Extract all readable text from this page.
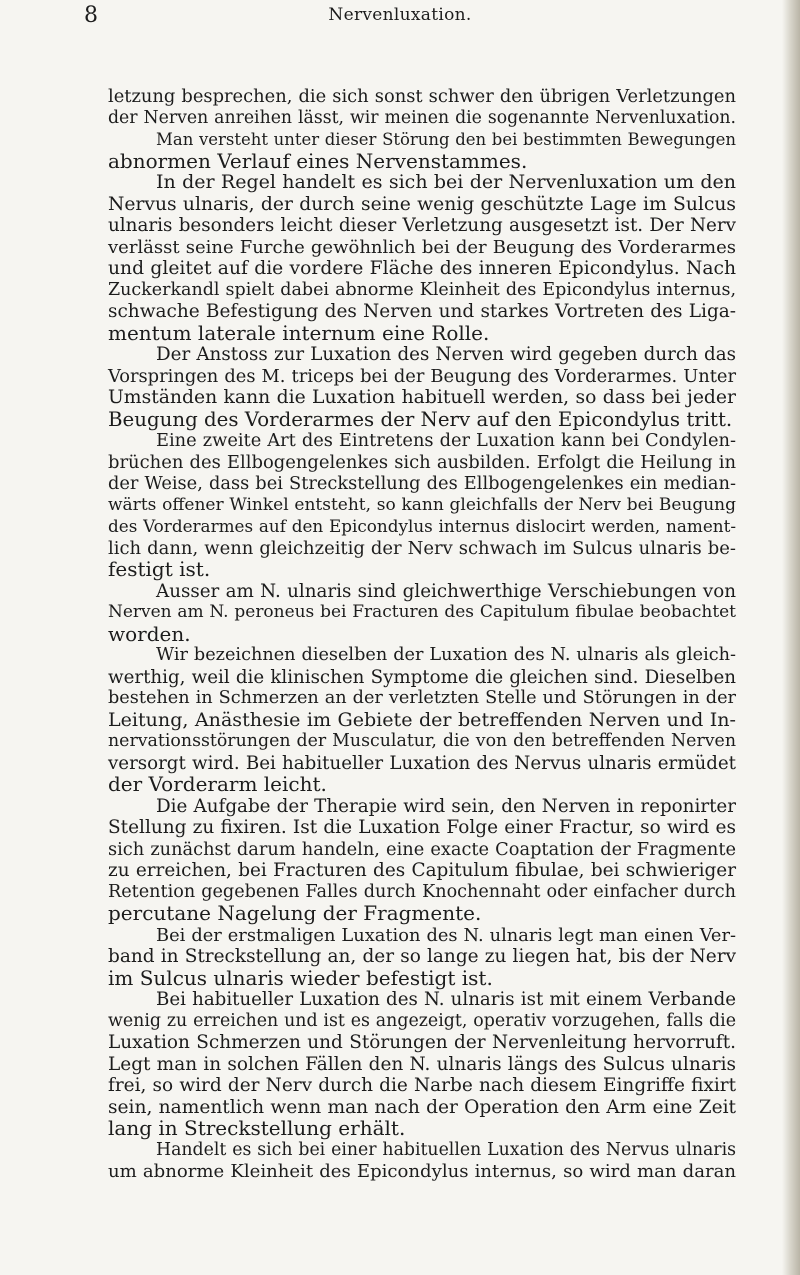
8	Nervenluxation.
letzung besprechen, die sich sonst schwer den übrigen Verletzungen
der Nerven anreihen lässt, wir meinen die sogenannte Nervenluxation.
Man versteht unter dieser Störung den bei bestimmten Bewegungen
abnormen Verlauf eines Nervenstammes.
In der Regel handelt es sich bei der Nervenluxation um den
Nervus ulnaris, der durch seine wenig geschützte Lage im Sulcus
ulnaris besonders leicht dieser Verletzung ausgesetzt ist. Der Nerv
verlässt seine Furche gewöhnlich bei der Beugung des Vorderarmes
und gleitet auf die vordere Fläche des inneren Epicondylus. Nach
Zuckerkandl spielt dabei abnorme Kleinheit des Epicondylus internus,
schwache Befestigung des Nerven und starkes Vortreten des Liga-
mentum laterale internum eine Rolle.
Der Anstoss zur Luxation des Nerven wird gegeben durch das
Vorspringen des M. triceps bei der Beugung des Vorderarmes. Unter
Umständen kann die Luxation habituell werden, so dass bei jeder
Beugung des Vorderarmes der Nerv auf den Epicondylus tritt.
Eine zweite Art des Eintretens der Luxation kann bei Condylen-
brüchen des Ellbogengelenkes sich ausbilden. Erfolgt die Heilung in
der Weise, dass bei Streckstellung des Ellbogengelenkes ein median-
wärts offener Winkel entsteht, so kann gleichfalls der Nerv bei Beugung
des Vorderarmes auf den Epicondylus internus dislocirt werden, nament-
lich dann, wenn gleichzeitig der Nerv schwach im Sulcus ulnaris be-
festigt ist.
Ausser am N. ulnaris sind gleichwerthige Verschiebungen von
Nerven am N. peroneus bei Fracturen des Capitulum fibulae beobachtet
worden.
Wir bezeichnen dieselben der Luxation des N. ulnaris als gleich-
werthig, weil die klinischen Symptome die gleichen sind. Dieselben
bestehen in Schmerzen an der verletzten Stelle und Störungen in der
Leitung, Anästhesie im Gebiete der betreffenden Nerven und In-
nervationsstörungen der Musculatur, die von den betreffenden Nerven
versorgt wird. Bei habitueller Luxation des Nervus ulnaris ermüdet
der Vorderarm leicht.
Die Aufgabe der Therapie wird sein, den Nerven in reponirter
Stellung zu fixiren. Ist die Luxation Folge einer Fractur, so wird es
sich zunächst darum handeln, eine exacte Coaptation der Fragmente
zu erreichen, bei Fracturen des Capitulum fibulae, bei schwieriger
Retention gegebenen Falles durch Knochennaht oder einfacher durch
percutane Nagelung der Fragmente.
Bei der erstmaligen Luxation des N. ulnaris legt man einen Ver-
band in Streckstellung an, der so lange zu liegen hat, bis der Nerv
im Sulcus ulnaris wieder befestigt ist.
Bei habitueller Luxation des N. ulnaris ist mit einem Verbande
wenig zu erreichen und ist es angezeigt, operativ vorzugehen, falls die
Luxation Schmerzen und Störungen der Nervenleitung hervorruft.
Legt man in solchen Fällen den N. ulnaris längs des Sulcus ulnaris
frei, so wird der Nerv durch die Narbe nach diesem Eingriffe fixirt
sein, namentlich wenn man nach der Operation den Arm eine Zeit
lang in Streckstellung erhält.
Handelt es sich bei einer habituellen Luxation des Nervus ulnaris
um abnorme Kleinheit des Epicondylus internus, so wird man daran
